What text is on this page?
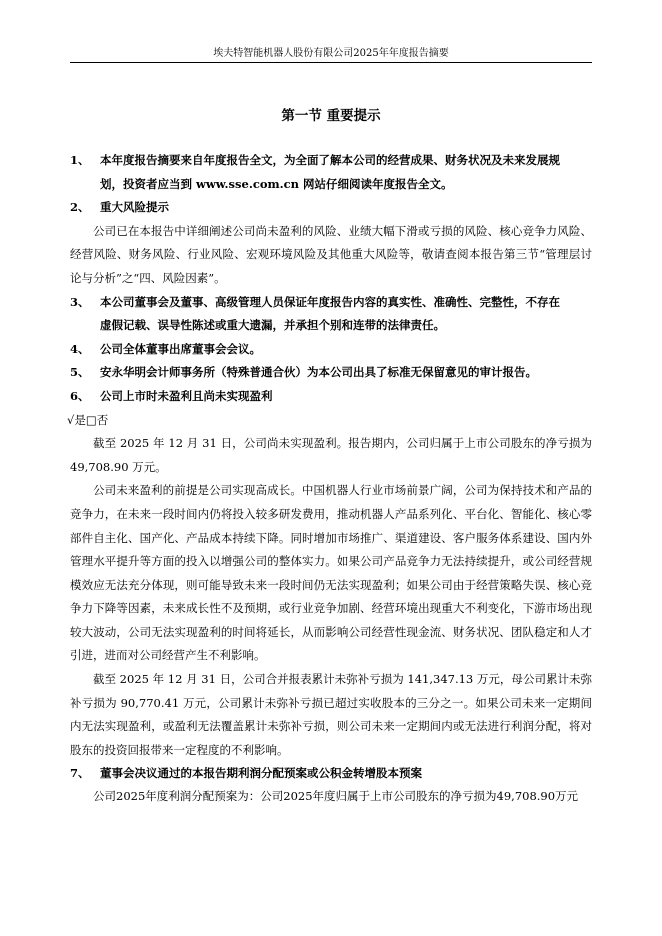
埃夫特智能机器人股份有限公司2025年年度报告摘要
第一节 重要提示

1、 本年度报告摘要来自年度报告全文，为全面了解本公司的经营成果、财务状况及未来发展规

划，投资者应当到 www.sse.com.cn 网站仔细阅读年度报告全文。

2、 重大风险提示

公司已在本报告中详细阐述公司尚未盈利的风险、业绩大幅下滑或亏损的风险、核心竞争力风险、经营风险、财务风险、行业风险、宏观环境风险及其他重大风险等，敬请查阅本报告第三节“管理层讨论与分析”之“四、风险因素”。

3、 本公司董事会及董事、高级管理人员保证年度报告内容的真实性、准确性、完整性，不存在

虚假记载、误导性陈述或重大遗漏，并承担个别和连带的法律责任。

4、 公司全体董事出席董事会会议。

5、 安永华明会计师事务所（特殊普通合伙）为本公司出具了标准无保留意见的审计报告。

6、 公司上市时未盈利且尚未实现盈利

√是□否

截至 2025 年 12 月 31 日，公司尚未实现盈利。报告期内，公司归属于上市公司股东的净亏损为 49,708.90 万元。

公司未来盈利的前提是公司实现高成长。中国机器人行业市场前景广阔，公司为保持技术和产品的竞争力，在未来一段时间内仍将投入较多研发费用，推动机器人产品系列化、平台化、智能化、核心零部件自主化、国产化、产品成本持续下降。同时增加市场推广、渠道建设、客户服务体系建设、国内外管理水平提升等方面的投入以增强公司的整体实力。如果公司产品竞争力无法持续提升，或公司经营规模效应无法充分体现，则可能导致未来一段时间仍无法实现盈利；如果公司由于经营策略失误、核心竞争力下降等因素，未来成长性不及预期，或行业竞争加剧、经营环境出现重大不利变化，下游市场出现较大波动，公司无法实现盈利的时间将延长，从而影响公司经营性现金流、财务状况、团队稳定和人才引进，进而对公司经营产生不利影响。

截至 2025 年 12 月 31 日，公司合并报表累计未弥补亏损为 141,347.13 万元，母公司累计未弥补亏损为 90,770.41 万元，公司累计未弥补亏损已超过实收股本的三分之一。如果公司未来一定期间内无法实现盈利，或盈利无法覆盖累计未弥补亏损，则公司未来一定期间内或无法进行利润分配，将对股东的投资回报带来一定程度的不利影响。

7、 董事会决议通过的本报告期利润分配预案或公积金转增股本预案

公司2025年度利润分配预案为：公司2025年度归属于上市公司股东的净亏损为49,708.90万元
